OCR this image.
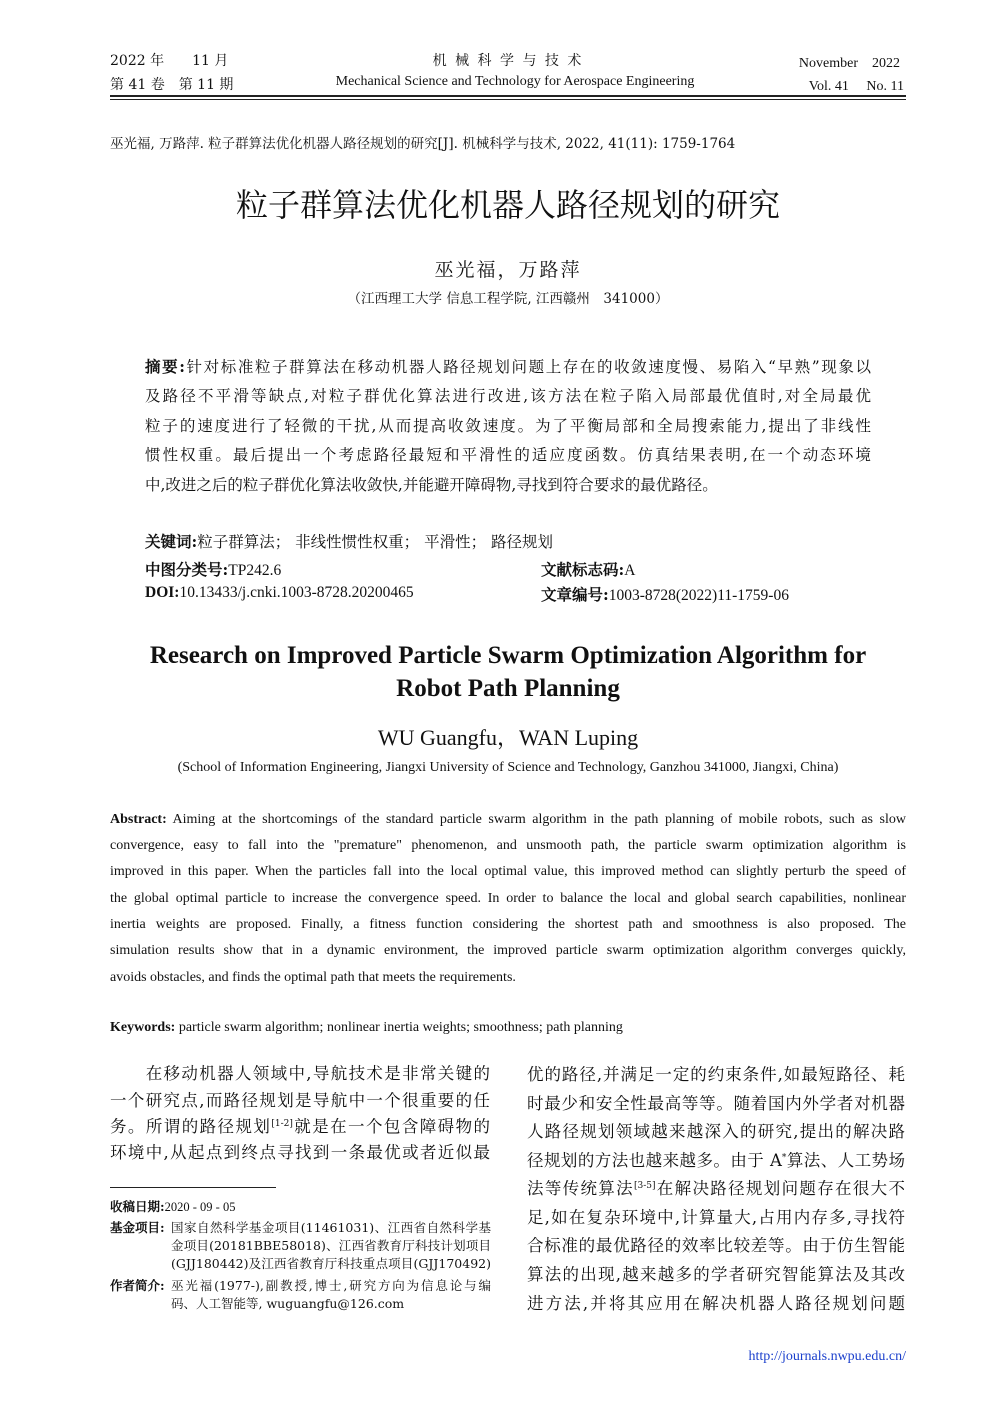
2022 年　　11 月
第 41 卷　第 11 期
机 械 科 学 与 技 术
Mechanical Science and Technology for Aerospace Engineering
November　2022
Vol. 41　 No. 11
巫光福, 万路萍. 粒子群算法优化机器人路径规划的研究[J]. 机械科学与技术, 2022, 41(11): 1759-1764
粒子群算法优化机器人路径规划的研究
巫光福，万路萍
（江西理工大学 信息工程学院, 江西赣州　341000）
摘要:针对标准粒子群算法在移动机器人路径规划问题上存在的收敛速度慢、易陷入“早熟”现象以
及路径不平滑等缺点,对粒子群优化算法进行改进,该方法在粒子陷入局部最优值时,对全局最优
粒子的速度进行了轻微的干扰,从而提高收敛速度。为了平衡局部和全局搜索能力,提出了非线性
惯性权重。最后提出一个考虑路径最短和平滑性的适应度函数。仿真结果表明,在一个动态环境
中,改进之后的粒子群优化算法收敛快,并能避开障碍物,寻找到符合要求的最优路径。
关键词:粒子群算法； 非线性惯性权重； 平滑性； 路径规划
中图分类号:TP242.6	文献标志码:A
DOI:10.13433/j.cnki.1003-8728.20200465	文章编号:1003-8728(2022)11-1759-06
Research on Improved Particle Swarm Optimization Algorithm for
Robot Path Planning
WU Guangfu，WAN Luping
(School of Information Engineering, Jiangxi University of Science and Technology, Ganzhou 341000, Jiangxi, China)
Abstract: Aiming at the shortcomings of the standard particle swarm algorithm in the path planning of mobile robots, such as slow
convergence, easy to fall into the "premature" phenomenon, and unsmooth path, the particle swarm optimization algorithm is
improved in this paper. When the particles fall into the local optimal value, this improved method can slightly perturb the speed of
the global optimal particle to increase the convergence speed. In order to balance the local and global search capabilities, nonlinear
inertia weights are proposed. Finally, a fitness function considering the shortest path and smoothness is also proposed. The
simulation results show that in a dynamic environment, the improved particle swarm optimization algorithm converges quickly,
avoids obstacles, and finds the optimal path that meets the requirements.
Keywords: particle swarm algorithm; nonlinear inertia weights; smoothness; path planning
　　在移动机器人领域中,导航技术是非常关键的
一个研究点,而路径规划是导航中一个很重要的任
务。所谓的路径规划[1-2]就是在一个包含障碍物的
环境中,从起点到终点寻找到一条最优或者近似最
收稿日期:2020 - 09 - 05
基金项目: 国家自然科学基金项目(11461031)、江西省自然科学基
金项目(20181BBE58018)、江西省教育厅科技计划项目
(GJJ180442)及江西省教育厅科技重点项目(GJJ170492)
作者简介: 巫光福(1977-),副教授,博士,研究方向为信息论与编
码、人工智能等, wuguangfu@126.com
优的路径,并满足一定的约束条件,如最短路径、耗
时最少和安全性最高等等。随着国内外学者对机器
人路径规划领域越来越深入的研究,提出的解决路
径规划的方法也越来越多。由于 A*算法、人工势场
法等传统算法[3-5]在解决路径规划问题存在很大不
足,如在复杂环境中,计算量大,占用内存多,寻找符
合标准的最优路径的效率比较差等。由于仿生智能
算法的出现,越来越多的学者研究智能算法及其改
进方法,并将其应用在解决机器人路径规划问题
http://journals.nwpu.edu.cn/
